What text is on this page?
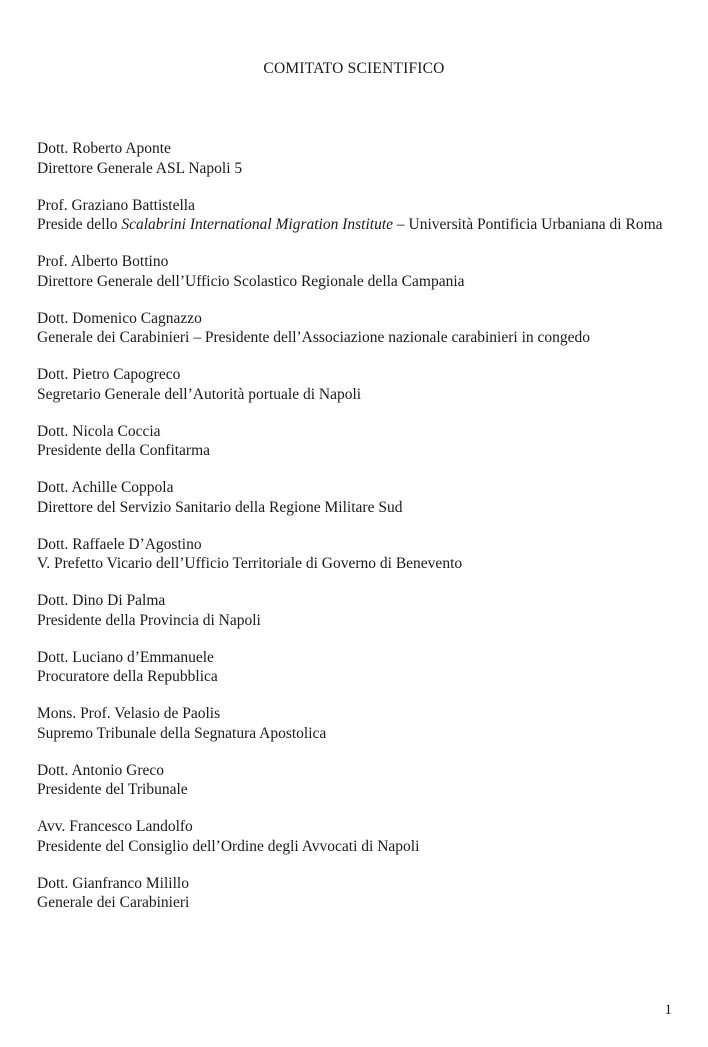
COMITATO SCIENTIFICO
Dott. Roberto Aponte
Direttore Generale ASL Napoli 5
Prof. Graziano Battistella
Preside dello Scalabrini International Migration Institute – Università Pontificia Urbaniana di Roma
Prof. Alberto Bottino
Direttore Generale dell’Ufficio Scolastico Regionale della Campania
Dott. Domenico Cagnazzo
Generale dei Carabinieri – Presidente dell’Associazione nazionale carabinieri in congedo
Dott. Pietro Capogreco
Segretario Generale dell’Autorità portuale di Napoli
Dott. Nicola Coccia
Presidente della Confitarma
Dott. Achille Coppola
Direttore del Servizio Sanitario della Regione Militare Sud
Dott. Raffaele D’Agostino
V. Prefetto Vicario dell’Ufficio Territoriale di Governo di Benevento
Dott. Dino Di Palma
Presidente della Provincia di Napoli
Dott. Luciano d’Emmanuele
Procuratore della Repubblica
Mons. Prof. Velasio de Paolis
Supremo Tribunale della Segnatura Apostolica
Dott. Antonio Greco
Presidente del Tribunale
Avv. Francesco Landolfo
Presidente del Consiglio dell’Ordine degli Avvocati di Napoli
Dott. Gianfranco Milillo
Generale dei Carabinieri
1
